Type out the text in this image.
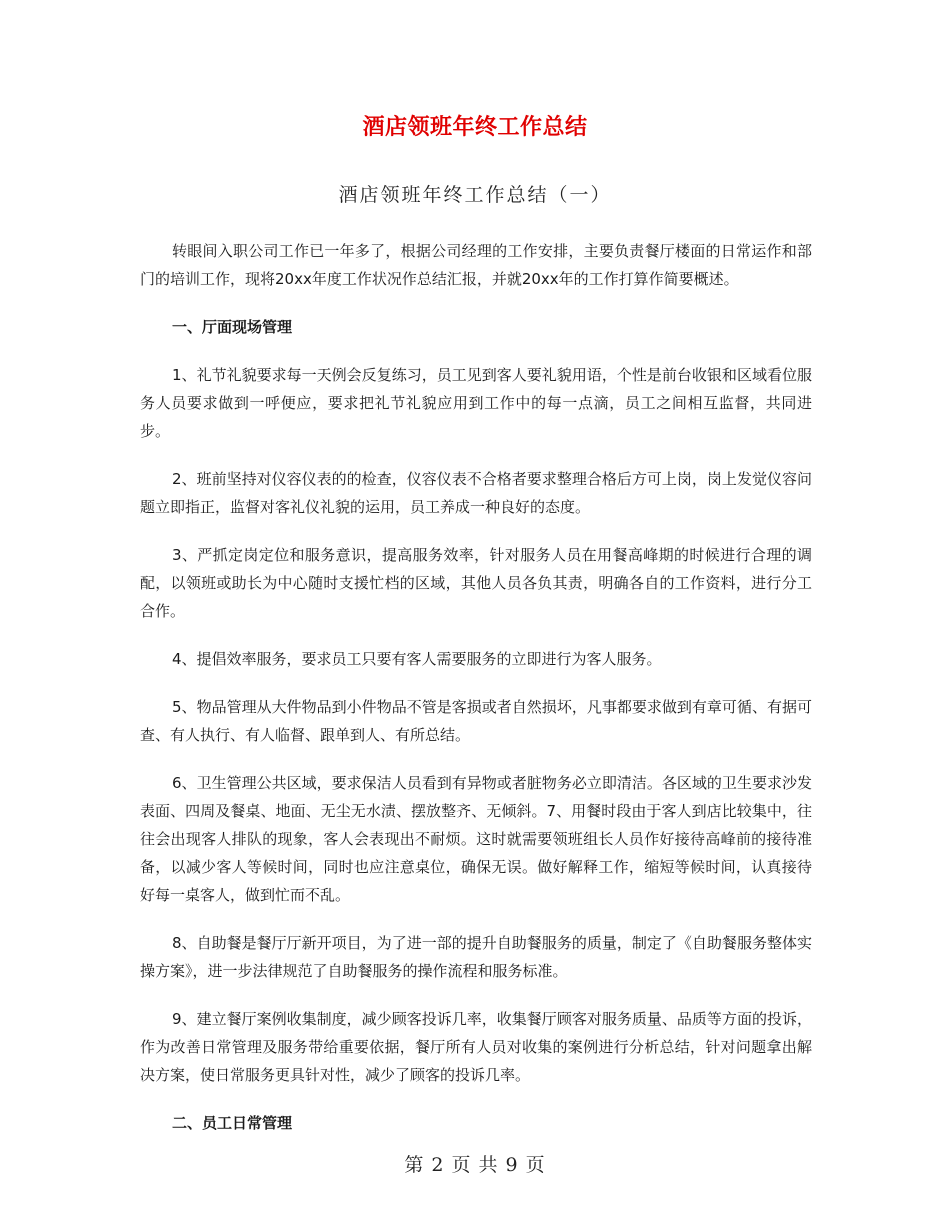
酒店领班年终工作总结
酒店领班年终工作总结（一）

转眼间入职公司工作已一年多了，根据公司经理的工作安排，主要负责餐厅楼面的日常运作和部门的培训工作，现将20xx年度工作状况作总结汇报，并就20xx年的工作打算作简要概述。

一、厅面现场管理

1、礼节礼貌要求每一天例会反复练习，员工见到客人要礼貌用语，个性是前台收银和区域看位服务人员要求做到一呼便应，要求把礼节礼貌应用到工作中的每一点滴，员工之间相互监督，共同进步。

2、班前坚持对仪容仪表的的检查，仪容仪表不合格者要求整理合格后方可上岗，岗上发觉仪容问题立即指正，监督对客礼仪礼貌的运用，员工养成一种良好的态度。

3、严抓定岗定位和服务意识，提高服务效率，针对服务人员在用餐高峰期的时候进行合理的调配，以领班或助长为中心随时支援忙档的区域，其他人员各负其责，明确各自的工作资料，进行分工合作。

4、提倡效率服务，要求员工只要有客人需要服务的立即进行为客人服务。

5、物品管理从大件物品到小件物品不管是客损或者自然损坏，凡事都要求做到有章可循、有据可查、有人执行、有人临督、跟单到人、有所总结。

6、卫生管理公共区域，要求保洁人员看到有异物或者脏物务必立即清洁。各区域的卫生要求沙发表面、四周及餐桌、地面、无尘无水渍、摆放整齐、无倾斜。7、用餐时段由于客人到店比较集中，往往会出现客人排队的现象，客人会表现出不耐烦。这时就需要领班组长人员作好接待高峰前的接待准备，以减少客人等候时间，同时也应注意桌位，确保无误。做好解释工作，缩短等候时间，认真接待好每一桌客人，做到忙而不乱。

8、自助餐是餐厅厅新开项目，为了进一部的提升自助餐服务的质量，制定了《自助餐服务整体实操方案》，进一步法律规范了自助餐服务的操作流程和服务标准。

9、建立餐厅案例收集制度，减少顾客投诉几率，收集餐厅顾客对服务质量、品质等方面的投诉，作为改善日常管理及服务带给重要依据，餐厅所有人员对收集的案例进行分析总结，针对问题拿出解决方案，使日常服务更具针对性，减少了顾客的投诉几率。

二、员工日常管理

第 2 页 共 9 页
